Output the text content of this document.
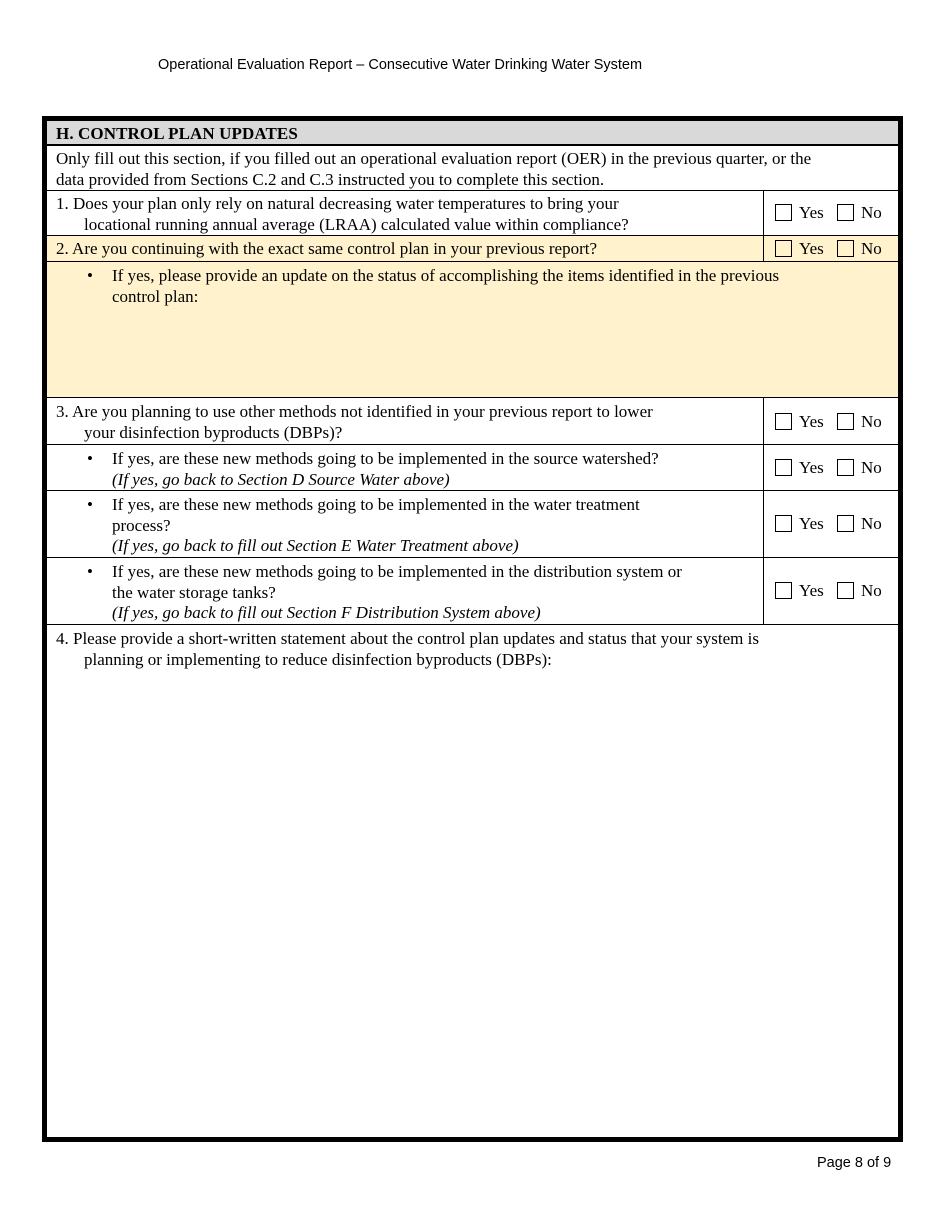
Operational Evaluation Report – Consecutive Water Drinking Water System
H. CONTROL PLAN UPDATES
Only fill out this section, if you filled out an operational evaluation report (OER) in the previous quarter, or the
data provided from Sections C.2 and C.3 instructed you to complete this section.
1. Does your plan only rely on natural decreasing water temperatures to bring your
locational running annual average (LRAA) calculated value within compliance?
Yes No
2. Are you continuing with the exact same control plan in your previous report?	Yes No
• If yes, please provide an update on the status of accomplishing the items identified in the previous
control plan:
3. Are you planning to use other methods not identified in your previous report to lower
your disinfection byproducts (DBPs)?
Yes No
• If yes, are these new methods going to be implemented in the source watershed?
(If yes, go back to Section D Source Water above)
Yes No
• If yes, are these new methods going to be implemented in the water treatment
process?
(If yes, go back to fill out Section E Water Treatment above)
Yes No
• If yes, are these new methods going to be implemented in the distribution system or
the water storage tanks?
(If yes, go back to fill out Section F Distribution System above)
Yes No
4. Please provide a short-written statement about the control plan updates and status that your system is
planning or implementing to reduce disinfection byproducts (DBPs):
Page 8 of 9
